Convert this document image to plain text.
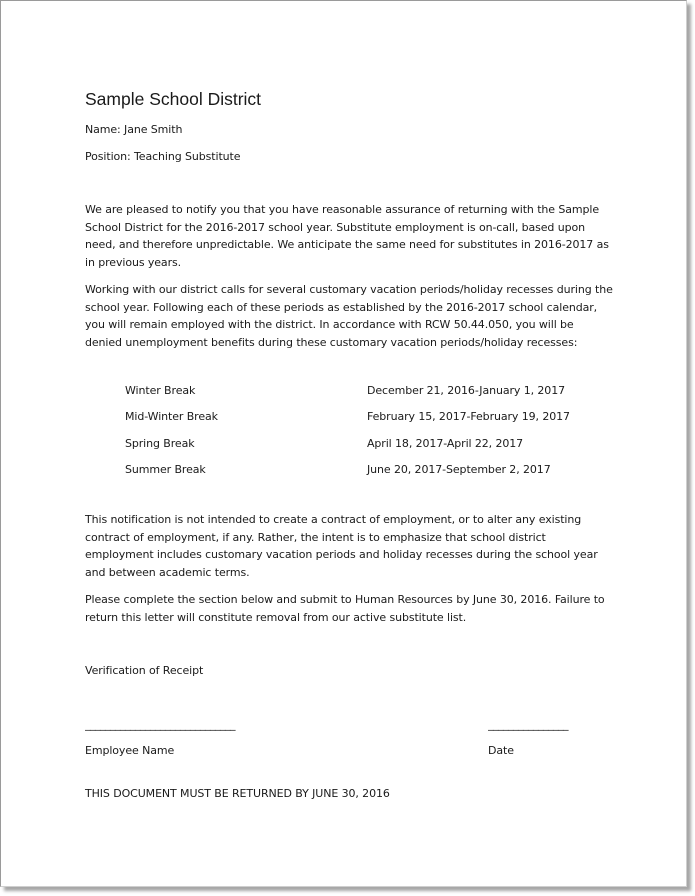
Sample School District

Name: Jane Smith

Position: Teaching Substitute

We are pleased to notify you that you have reasonable assurance of returning with the Sample School District for the 2016-2017 school year. Substitute employment is on-call, based upon need, and therefore unpredictable. We anticipate the same need for substitutes in 2016-2017 as in previous years.

Working with our district calls for several customary vacation periods/holiday recesses during the school year. Following each of these periods as established by the 2016-2017 school calendar, you will remain employed with the district. In accordance with RCW 50.44.050, you will be denied unemployment benefits during these customary vacation periods/holiday recesses:

Winter Break	December 21, 2016-January 1, 2017
Mid-Winter Break	February 15, 2017-February 19, 2017
Spring Break	April 18, 2017-April 22, 2017
Summer Break	June 20, 2017-September 2, 2017

This notification is not intended to create a contract of employment, or to alter any existing contract of employment, if any. Rather, the intent is to emphasize that school district employment includes customary vacation periods and holiday recesses during the school year and between academic terms.

Please complete the section below and submit to Human Resources by June 30, 2016. Failure to return this letter will constitute removal from our active substitute list.

Verification of Receipt

______________________________	________________

Employee Name	Date

THIS DOCUMENT MUST BE RETURNED BY JUNE 30, 2016
